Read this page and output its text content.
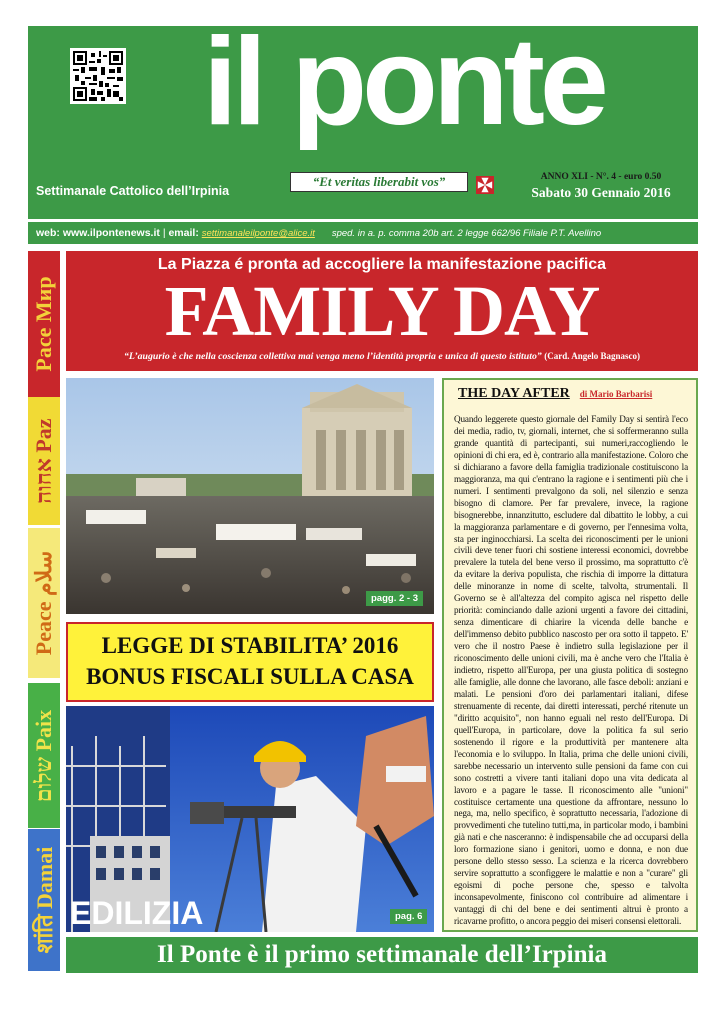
il ponte
Settimanale Cattolico dell’Irpinia
“Et veritas liberabit vos”	ANNO XLI - N°. 4 - euro 0.50
Sabato 30 Gennaio 2016
web: www.ilpontenews.it | email: settimanaleilponte@alice.it sped. in a. p. comma 20b art. 2 legge 662/96 Filiale P.T. Avellino
Pace Mир
אחוה Paz
Peace سلام
שלום Paix
शांति Damai
La Piazza é pronta ad accogliere la manifestazione pacifica
FAMILY DAY
“L’augurio è che nella coscienza collettiva mai venga meno l’identità propria e unica di questo istituto” (Card. Angelo Bagnasco)
pagg. 2 - 3
LEGGE DI STABILITA’ 2016
BONUS FISCALI SULLA CASA
EDILIZIA	pag. 6
THE DAY AFTER di Mario Barbarisi
Quando leggerete questo giornale del Family Day si sentirà l'eco dei media, radio, tv, giornali, internet, che si soffermeranno sulla grande quantità di partecipanti, sui numeri,raccogliendo le opinioni di chi era, ed è, contrario alla manifestazione. Coloro che si dichiarano a favore della famiglia tradizionale costituiscono la maggioranza, ma qui c'entrano la ragione e i sentimenti più che i numeri. I sentimenti prevalgono da soli, nel silenzio e senza bisogno di clamore. Per far prevalere, invece, la ragione bisognerebbe, innanzitutto, escludere dal dibattito le lobby, a cui la maggioranza parlamentare e di governo, per l'ennesima volta, sta per inginocchiarsi. La scelta dei riconoscimenti per le unioni civili deve tener fuori chi sostiene interessi economici, dovrebbe prevalere la tutela del bene verso il prossimo, ma soprattutto c'è da evitare la deriva populista, che rischia di imporre la dittatura delle minoranze in nome di scelte, talvolta, strumentali. Il Governo se è all'altezza del compito agisca nel rispetto delle priorità: cominciando dalle azioni urgenti a favore dei cittadini, senza dimenticare di chiarire la vicenda delle banche e dell'immenso debito pubblico nascosto per ora sotto il tappeto. E' vero che il nostro Paese è indietro sulla legislazione per il riconoscimento delle unioni civili, ma è anche vero che l'Italia è indietro, rispetto all'Europa, per una giusta politica di sostegno alle famiglie, alle donne che lavorano, alle fasce deboli: anziani e malati. Le pensioni d'oro dei parlamentari italiani, difese strenuamente di recente, dai diretti interessati, perché ritenute un "diritto acquisito", non hanno eguali nel resto dell'Europa. Di quell'Europa, in particolare, dove la politica fa sul serio sostenendo il rigore e la produttività per mantenere alta l'economia e lo sviluppo. In Italia, prima che delle unioni civili, sarebbe necessario un intervento sulle pensioni da fame con cui sono costretti a vivere tanti italiani dopo una vita dedicata al lavoro e a pagare le tasse. Il riconoscimento alle "unioni" costituisce certamente una questione da affrontare, nessuno lo nega, ma, nello specifico, è soprattutto necessaria, l'adozione di provvedimenti che tutelino tutti,ma, in particolar modo, i bambini già nati e che nasceranno: è indispensabile che ad occuparsi della loro formazione siano i genitori, uomo e donna, e non due persone dello stesso sesso. La scienza e la ricerca dovrebbero servire soprattutto a sconfiggere le malattie e non a "curare" gli egoismi di poche persone che, spesso e talvolta inconsapevolmente, finiscono col contribuire ad alimentare i vantaggi di chi del bene e dei sentimenti altrui è pronto a ricavarne profitto, o ancora peggio dei miseri consensi elettorali.
Il Ponte è il primo settimanale dell’Irpinia
